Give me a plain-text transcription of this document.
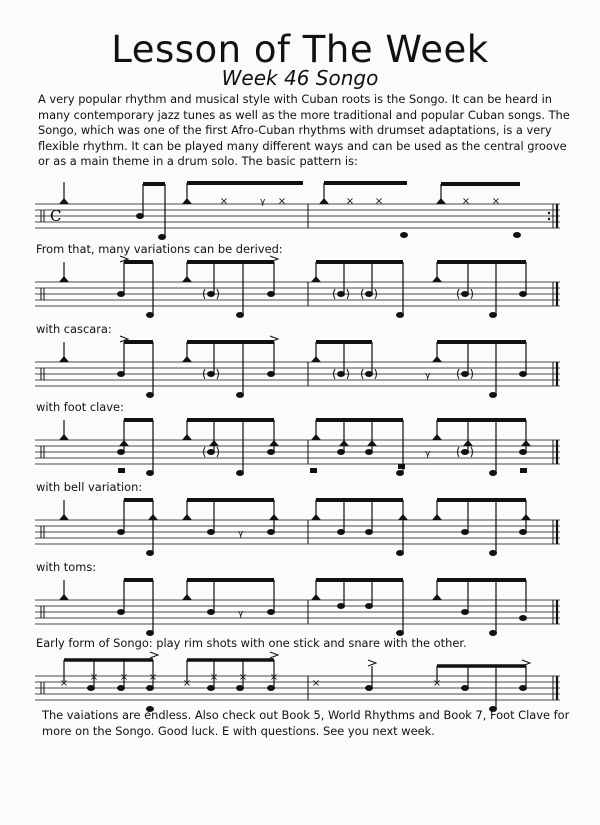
Lesson of The Week
Week 46 Songo

A very popular rhythm and musical style with Cuban roots is the Songo. It can be heard in many contemporary jazz tunes as well as the more traditional and popular Cuban songs. The Songo, which was one of the first Afro-Cuban rhythms with drumset adaptations, is a very flexible rhythm. It can be played many different ways and can be used as the central groove or as a main theme in a drum solo. The basic pattern is:

C
×	×	× ×	× ×
γ
From that, many variations can be derived:
with cascara:
γ
with foot clave:
γ
with bell variation:
γ
with toms:
γ
Early form of Songo: play rim shots with one stick and snare with the other.
×
× × ×
×
× × ×
×	×

The vaiations are endless. Also check out Book 5, World Rhythms and Book 7, Foot Clave for more on the Songo. Good luck. E with questions. See you next week.
